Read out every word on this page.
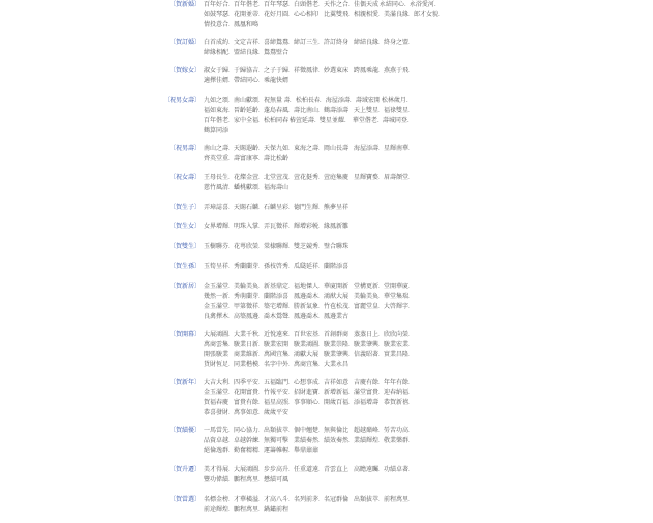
〔賀新婚〕 百年好合．百年偕老．百年琴瑟．白頭偕老．天作之合．佳偶天成 永結同心．永浴愛河．
如鼓琴瑟．花開並蒂．花好月圓．心心相印　比翼雙飛．相親相愛．美滿良緣．郎才女貌．
情投意合．鳳凰和鳴
〔賀訂婚〕 白首成約．文定吉祥．喜締鴛鴦．締訂三生．許訂終身　締結良緣．終身之盟．
締緣相配．盟結良緣．鴛鴦壁合
〔賀嫁女〕 淑女于歸．于歸協吉．之子于歸．祥徵鳳律．妙選東床　跨鳳乘龍．燕燕于飛．
適擇佳婿．帶結同心．乘龍快婿
〔祝男女壽〕 九如之頌．南山獻頌．祝無量 壽．松柏長春．海屋添壽．壽域宏開 松林歲月．
福如東海．晉齡延齡．蓬島春風．壽比南山．鶴壽添壽　天上雙星．福祿雙星．
百年偕老．家中全福．松柏同春 椿萱延壽．雙星並耀．　華堂偕老．壽城同登．
鶴算同添
〔祝男壽〕 南山之壽．天賜遐齡．天保九如．東海之壽．岡山長壽　海屋添壽．星輝南華．
齊英堂重．壽富康寧．壽比松齡
〔祝女壽〕 王母長生．花燦金萱．北堂萱茂．萱花挺秀．萱庭集慶　星輝寶婺．眉壽顏堂．
慈竹風清．蟠桃獻頌．福海壽山
〔賀生子〕 弄璋誌喜．天賜石麟．石麟呈彩．德門生輝．熊夢呈祥
〔賀生女〕 女界增輝．明珠入掌．弄瓦徵祥．輝增彩帨．緣鳳新雛
〔賀雙生〕 玉樹聯芬．花萼欣榮．棠棣聯輝．雙芝競秀．璧合聯珠
〔賀生孫〕 玉筍呈祥．秀蘭蘭芽．孫枝啓秀．瓜瓞延祥．蘭階添喜
〔賀新居〕 金玉滿堂．美輪美奐．新基鼎定．福地傑人．華廈開新　堂構更新．堂開華廈．
幾然一新．秀萌蘭芽．蘭階添喜　鳳邊喬木．鴻猷大展　美輪美奐．華堂集瑞．
金玉滿堂．甲第徵祥．築宅增輝．勝新氣象．竹苞松茂．富麗堂皇．大啓輝字．
良禽擇木．高築鳳邊．喬木鶯聲．鳳邊喬木．鳳邊業古
〔賀開幕〕 大展鴻圖．大業千秋．近悅遠來．百世宏基．首創群商　蒸蒸日上．欣欣向榮．
萬商雲集．駿業日新．駿業宏開　駿業鴻圖．駿業崇隆．駿業肇興．駿業宏業．
開張駿業　商業維新．萬國宜集．鴻獻大展　駿業肇興．信義昭著．實業昌隆．
貨財恆足．同業楷模．名字中外．萬商宜集．大業永昌
〔賀新年〕 大吉大利．四季平安．五福臨門．心想事成．吉祥如意　吉慶有餘．年年有餘．
金玉滿堂．花開富貴．竹報平安．招財進寶．新增新福．滿堂富貴．迎春納福．
賀福春慶　富貴有餘．福星高照．事事順心．開歲百福．添福增壽　恭賀新禧．
恭喜發財．萬事如意．歲歲平安
〔賀績優〕 一馬當先．同心協力．出類拔萃．個中翹楚．無與倫比　超越巔峰．勞苦功高．
品資卓越．卓越幹練．無獨可擊　業績奏然．績效奏然．業績輝煌．敬業樂群．
絕倫逸群．勤奮精精．運籌帷幄．舉鼎鼐鼐
〔賀升遷〕 美才得展．大展鴻圖．步步高升．任重道遠．青雲直上　高瞻遠矚．功績卓著．
豐功偉績．鵬程萬里．懋績可風
〔賀當選〕 名標金榜．才華橫溢．才高八斗．名列前茅．名冠群倫　出類拔萃．前程萬里．
前途輝煌．鵬程萬里．鍋鏽前程
